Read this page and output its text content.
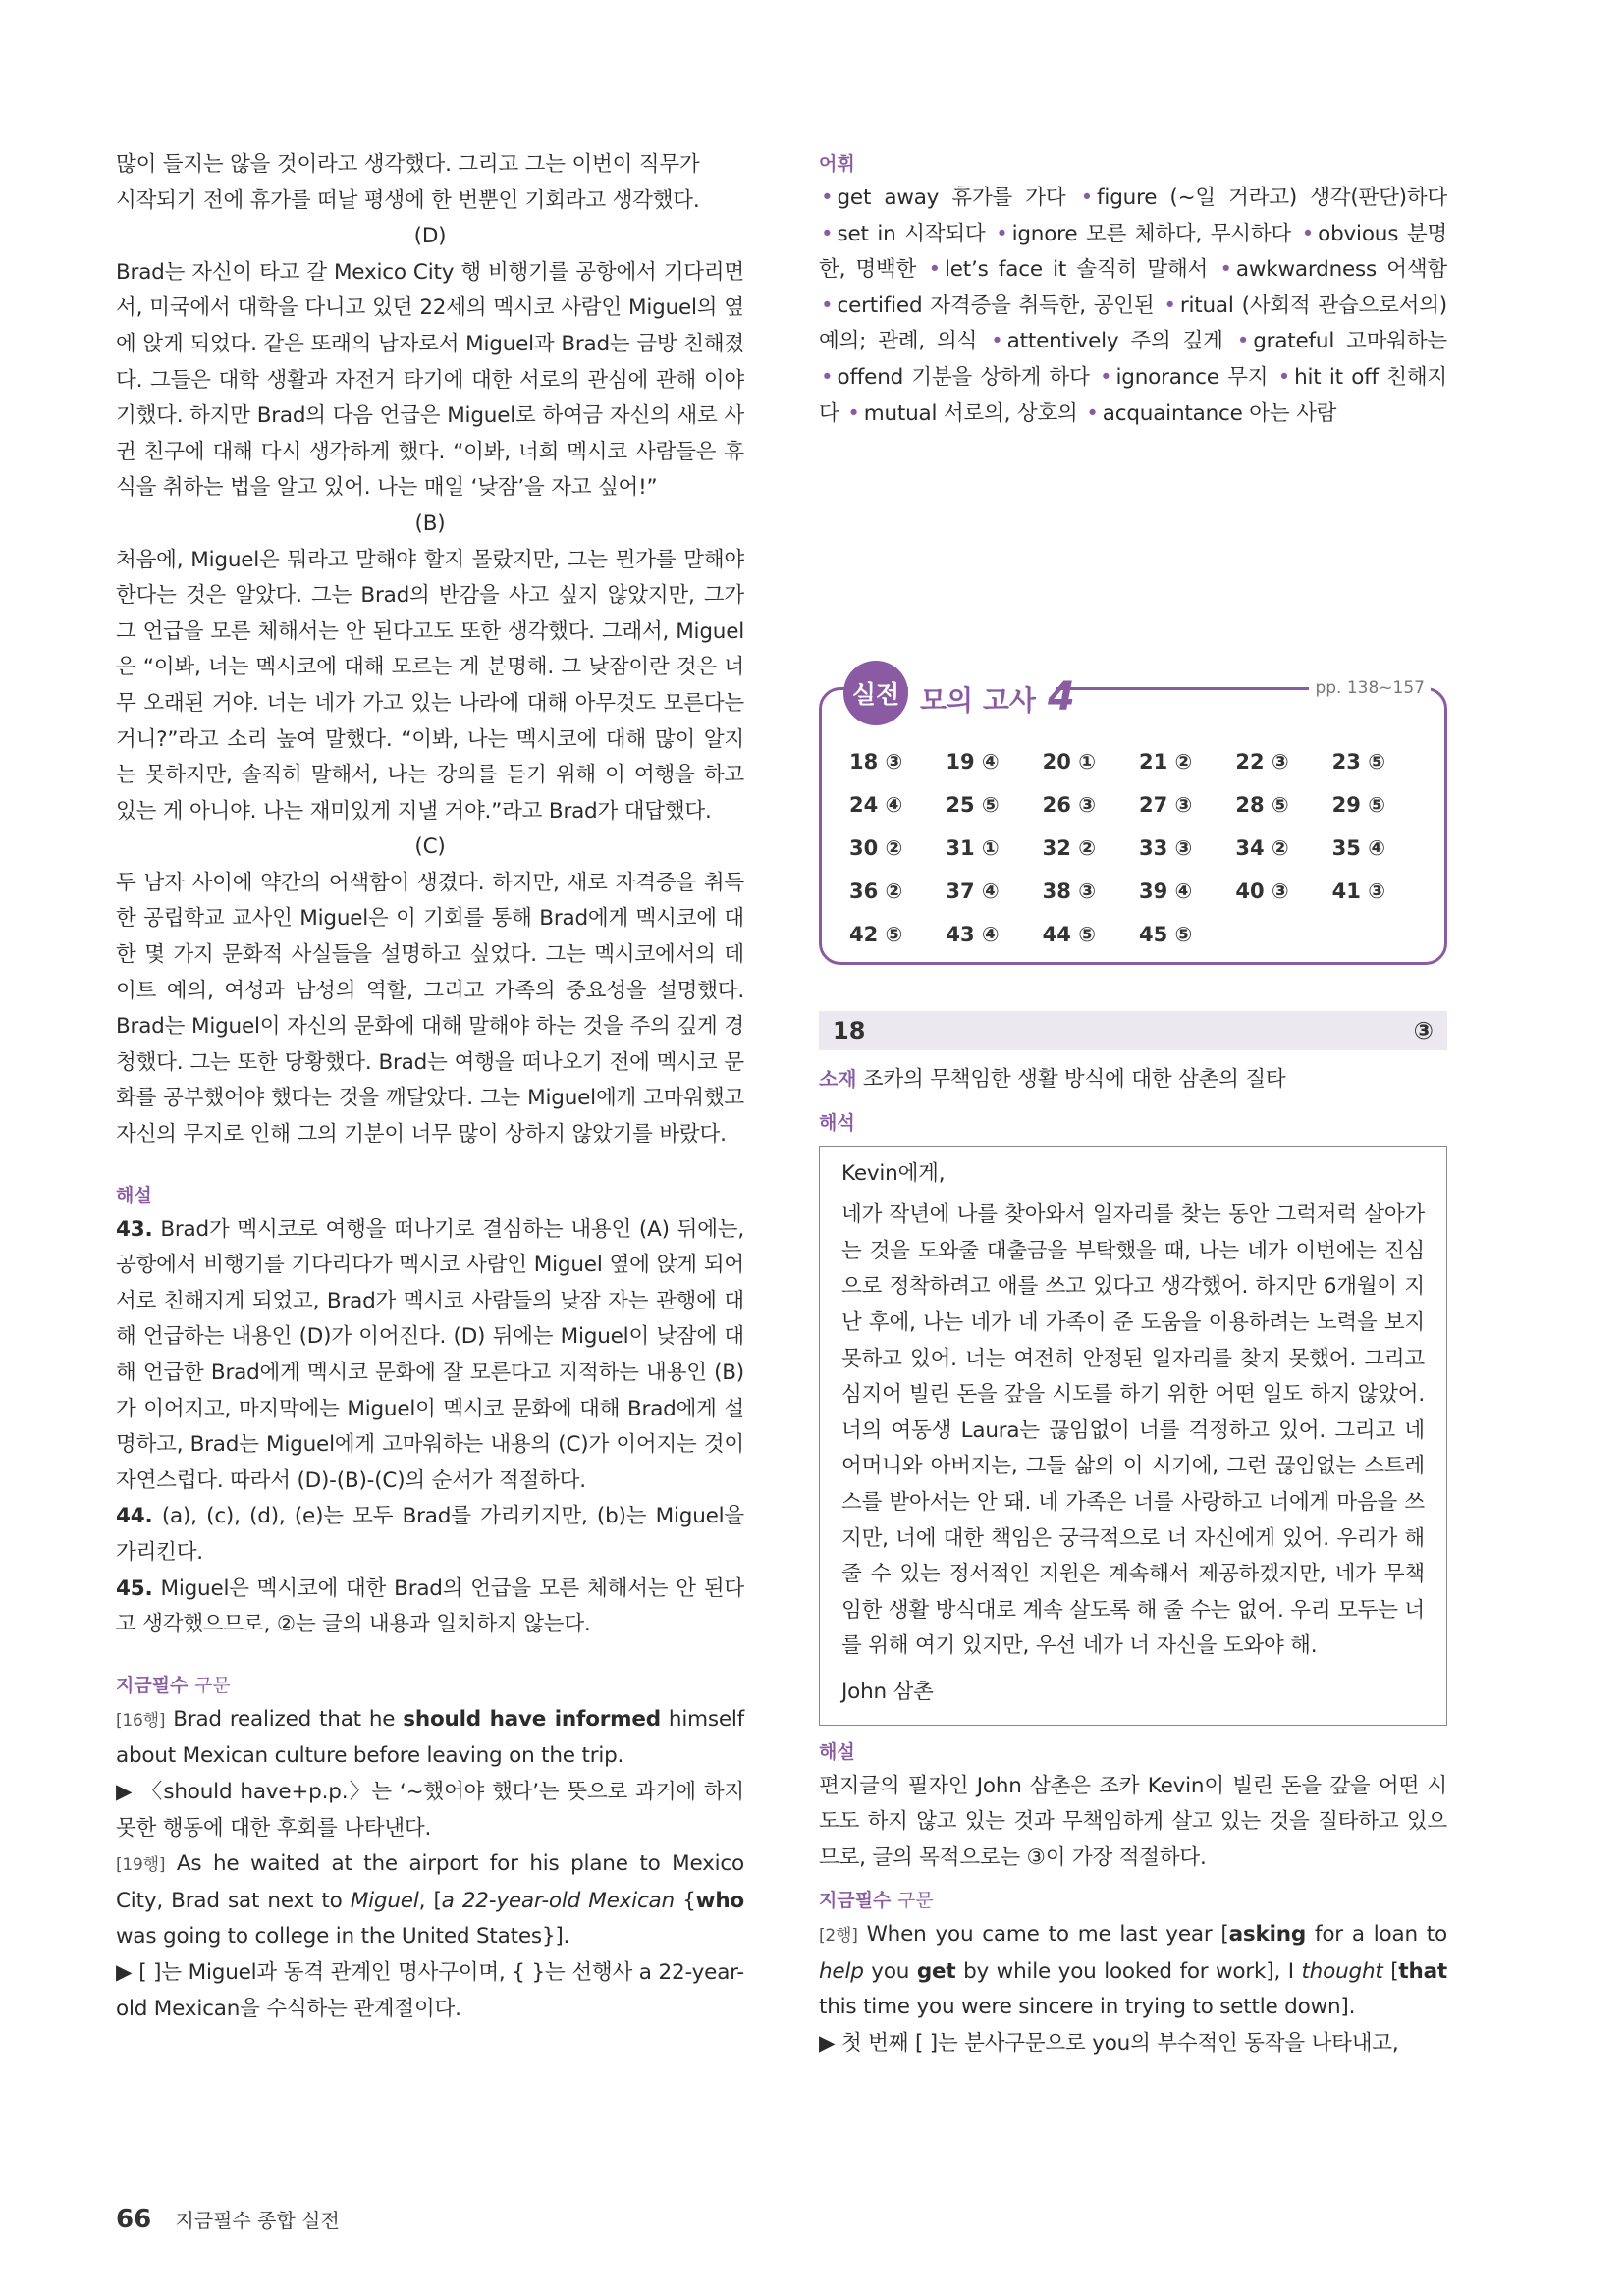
많이 들지는 않을 것이라고 생각했다. 그리고 그는 이번이 직무가

시작되기 전에 휴가를 떠날 평생에 한 번뿐인 기회라고 생각했다.

(D)

Brad는 자신이 타고 갈 Mexico City 행 비행기를 공항에서 기다리면서, 미국에서 대학을 다니고 있던 22세의 멕시코 사람인 Miguel의 옆에 앉게 되었다. 같은 또래의 남자로서 Miguel과 Brad는 금방 친해졌다. 그들은 대학 생활과 자전거 타기에 대한 서로의 관심에 관해 이야기했다. 하지만 Brad의 다음 언급은 Miguel로 하여금 자신의 새로 사귄 친구에 대해 다시 생각하게 했다. “이봐, 너희 멕시코 사람들은 휴식을 취하는 법을 알고 있어. 나는 매일 ‘낮잠’을 자고 싶어!”

(B)

처음에, Miguel은 뭐라고 말해야 할지 몰랐지만, 그는 뭔가를 말해야 한다는 것은 알았다. 그는 Brad의 반감을 사고 싶지 않았지만, 그가 그 언급을 모른 체해서는 안 된다고도 또한 생각했다. 그래서, Miguel은 “이봐, 너는 멕시코에 대해 모르는 게 분명해. 그 낮잠이란 것은 너무 오래된 거야. 너는 네가 가고 있는 나라에 대해 아무것도 모른다는 거니?”라고 소리 높여 말했다. “이봐, 나는 멕시코에 대해 많이 알지는 못하지만, 솔직히 말해서, 나는 강의를 듣기 위해 이 여행을 하고 있는 게 아니야. 나는 재미있게 지낼 거야.”라고 Brad가 대답했다.

(C)

두 남자 사이에 약간의 어색함이 생겼다. 하지만, 새로 자격증을 취득한 공립학교 교사인 Miguel은 이 기회를 통해 Brad에게 멕시코에 대한 몇 가지 문화적 사실들을 설명하고 싶었다. 그는 멕시코에서의 데이트 예의, 여성과 남성의 역할, 그리고 가족의 중요성을 설명했다. Brad는 Miguel이 자신의 문화에 대해 말해야 하는 것을 주의 깊게 경청했다. 그는 또한 당황했다. Brad는 여행을 떠나오기 전에 멕시코 문화를 공부했어야 했다는 것을 깨달았다. 그는 Miguel에게 고마워했고 자신의 무지로 인해 그의 기분이 너무 많이 상하지 않았기를 바랐다.

해설

43. Brad가 멕시코로 여행을 떠나기로 결심하는 내용인 (A) 뒤에는, 공항에서 비행기를 기다리다가 멕시코 사람인 Miguel 옆에 앉게 되어 서로 친해지게 되었고, Brad가 멕시코 사람들의 낮잠 자는 관행에 대해 언급하는 내용인 (D)가 이어진다. (D) 뒤에는 Miguel이 낮잠에 대해 언급한 Brad에게 멕시코 문화에 잘 모른다고 지적하는 내용인 (B)가 이어지고, 마지막에는 Miguel이 멕시코 문화에 대해 Brad에게 설명하고, Brad는 Miguel에게 고마워하는 내용의 (C)가 이어지는 것이 자연스럽다. 따라서 (D)-(B)-(C)의 순서가 적절하다.

44. (a), (c), (d), (e)는 모두 Brad를 가리키지만, (b)는 Miguel을 가리킨다.

45. Miguel은 멕시코에 대한 Brad의 언급을 모른 체해서는 안 된다고 생각했으므로, ②는 글의 내용과 일치하지 않는다.

지금필수 구문

[16행] Brad realized that he should have informed himself about Mexican culture before leaving on the trip.

▶ 〈should have+p.p.〉는 ‘~했어야 했다’는 뜻으로 과거에 하지 못한 행동에 대한 후회를 나타낸다.

[19행] As he waited at the airport for his plane to Mexico City, Brad sat next to Miguel, [a 22-year-old Mexican {who was going to college in the United States}].

▶ [ ]는 Miguel과 동격 관계인 명사구이며, { }는 선행사 a 22-year-old Mexican을 수식하는 관계절이다.

어휘

• get away 휴가를 가다 • figure (~일 거라고) 생각(판단)하다 • set in 시작되다 • ignore 모른 체하다, 무시하다 • obvious 분명한, 명백한 • let’s face it 솔직히 말해서 • awkwardness 어색함 • certified 자격증을 취득한, 공인된 • ritual (사회적 관습으로서의) 예의; 관례, 의식 • attentively 주의 깊게 • grateful 고마워하는 • offend 기분을 상하게 하다 • ignorance 무지 • hit it off 친해지다 • mutual 서로의, 상호의 • acquaintance 아는 사람

실전 모의 고사 4	pp. 138~157
18 ③	19 ④	20 ①	21 ②	22 ③	23 ⑤
24 ④	25 ⑤	26 ③	27 ③	28 ⑤	29 ⑤
30 ②	31 ①	32 ②	33 ③	34 ②	35 ④
36 ②	37 ④	38 ③	39 ④	40 ③	41 ③
42 ⑤	43 ④	44 ⑤	45 ⑤
18	③

소재 조카의 무책임한 생활 방식에 대한 삼촌의 질타

해석

Kevin에게,

네가 작년에 나를 찾아와서 일자리를 찾는 동안 그럭저럭 살아가는 것을 도와줄 대출금을 부탁했을 때, 나는 네가 이번에는 진심으로 정착하려고 애를 쓰고 있다고 생각했어. 하지만 6개월이 지난 후에, 나는 네가 네 가족이 준 도움을 이용하려는 노력을 보지 못하고 있어. 너는 여전히 안정된 일자리를 찾지 못했어. 그리고 심지어 빌린 돈을 갚을 시도를 하기 위한 어떤 일도 하지 않았어. 너의 여동생 Laura는 끊임없이 너를 걱정하고 있어. 그리고 네 어머니와 아버지는, 그들 삶의 이 시기에, 그런 끊임없는 스트레스를 받아서는 안 돼. 네 가족은 너를 사랑하고 너에게 마음을 쓰지만, 너에 대한 책임은 궁극적으로 너 자신에게 있어. 우리가 해 줄 수 있는 정서적인 지원은 계속해서 제공하겠지만, 네가 무책임한 생활 방식대로 계속 살도록 해 줄 수는 없어. 우리 모두는 너를 위해 여기 있지만, 우선 네가 너 자신을 도와야 해.

John 삼촌

해설

편지글의 필자인 John 삼촌은 조카 Kevin이 빌린 돈을 갚을 어떤 시도도 하지 않고 있는 것과 무책임하게 살고 있는 것을 질타하고 있으므로, 글의 목적으로는 ③이 가장 적절하다.

지금필수 구문

[2행] When you came to me last year [asking for a loan to help you get by while you looked for work], I thought [that this time you were sincere in trying to settle down].

▶ 첫 번째 [ ]는 분사구문으로 you의 부수적인 동작을 나타내고,

66 지금필수 종합 실전
